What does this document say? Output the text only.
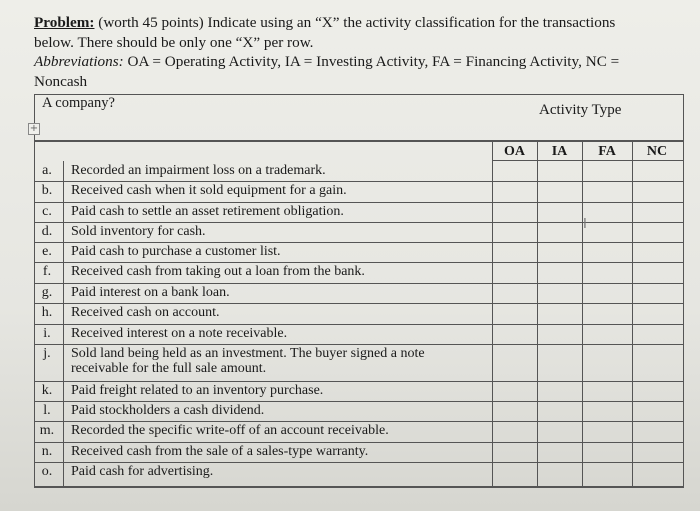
Problem: (worth 45 points) Indicate using an “X” the activity classification for the transactions
below. There should be only one “X” per row.
Abbreviations: OA = Operating Activity, IA = Investing Activity, FA = Financing Activity, NC =
Noncash
+
A company?	Activity Type
OA	IA	FA	NC
a.	Recorded an impairment loss on a trademark.
b.	Received cash when it sold equipment for a gain.
c.	Paid cash to settle an asset retirement obligation.
d.	Sold inventory for cash.
e.	Paid cash to purchase a customer list.
f.	Received cash from taking out a loan from the bank.
g.	Paid interest on a bank loan.
h.	Received cash on account.
i.	Received interest on a note receivable.
j.	Sold land being held as an investment. The buyer signed a note receivable for the full sale amount.
k.	Paid freight related to an inventory purchase.
l.	Paid stockholders a cash dividend.
m. Recorded the specific write-off of an account receivable.
n.	Received cash from the sale of a sales-type warranty.
o.	Paid cash for advertising.
I
